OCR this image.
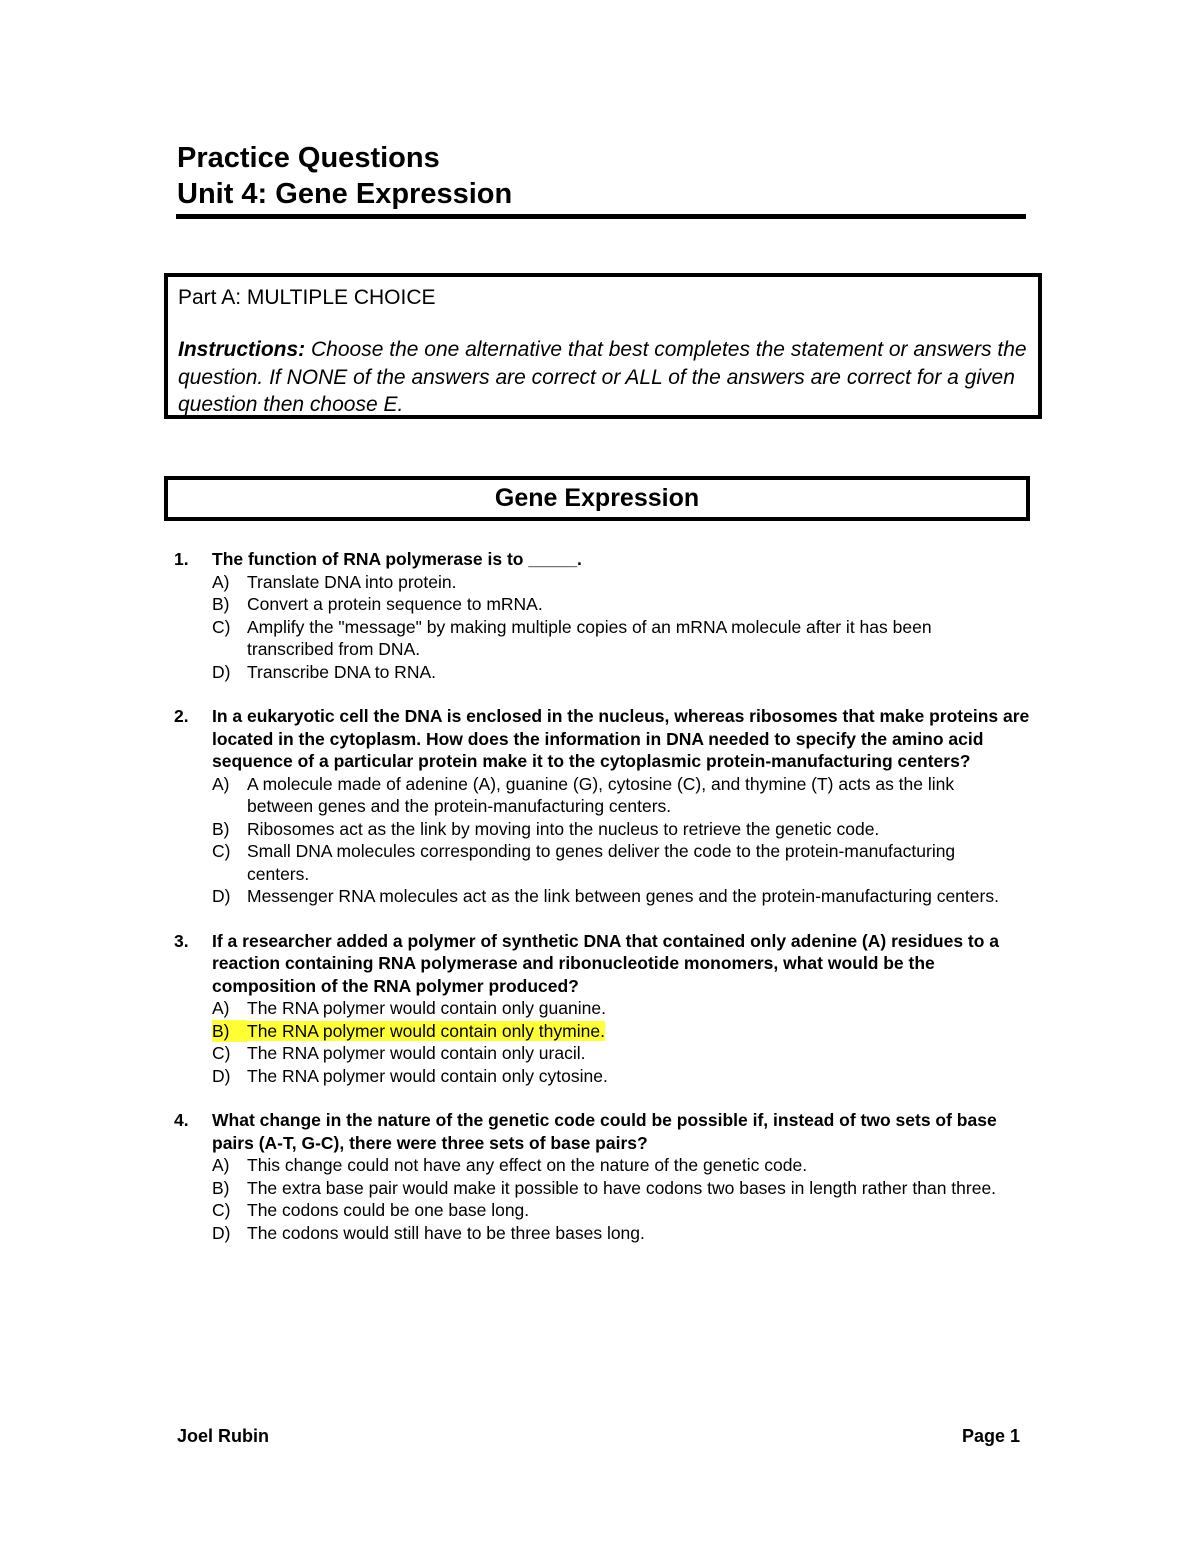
Practice Questions
Unit 4: Gene Expression
Part A: MULTIPLE CHOICE
Instructions: Choose the one alternative that best completes the statement or answers the question. If NONE of the answers are correct or ALL of the answers are correct for a given question then choose E.
Gene Expression
1.	The function of RNA polymerase is to _____.
A)	Translate DNA into protein.
B)	Convert a protein sequence to mRNA.
C) Amplify the "message" by making multiple copies of an mRNA molecule after it has been transcribed from DNA.
D) Transcribe DNA to RNA.
2.	In a eukaryotic cell the DNA is enclosed in the nucleus, whereas ribosomes that make proteins are located in the cytoplasm. How does the information in DNA needed to specify the amino acid sequence of a particular protein make it to the cytoplasmic protein-manufacturing centers?
A)	A molecule made of adenine (A), guanine (G), cytosine (C), and thymine (T) acts as the link between genes and the protein-manufacturing centers.
B)	Ribosomes act as the link by moving into the nucleus to retrieve the genetic code.
C) Small DNA molecules corresponding to genes deliver the code to the protein-manufacturing centers.
D) Messenger RNA molecules act as the link between genes and the protein-manufacturing centers.
3.	If a researcher added a polymer of synthetic DNA that contained only adenine (A) residues to a reaction containing RNA polymerase and ribonucleotide monomers, what would be the composition of the RNA polymer produced?
A)	The RNA polymer would contain only guanine.
B)	The RNA polymer would contain only thymine.
C) The RNA polymer would contain only uracil.
D) The RNA polymer would contain only cytosine.
4.	What change in the nature of the genetic code could be possible if, instead of two sets of base pairs (A-T, G-C), there were three sets of base pairs?
A)	This change could not have any effect on the nature of the genetic code.
B)	The extra base pair would make it possible to have codons two bases in length rather than three.
C) The codons could be one base long.
D) The codons would still have to be three bases long.
Joel Rubin	Page 1
